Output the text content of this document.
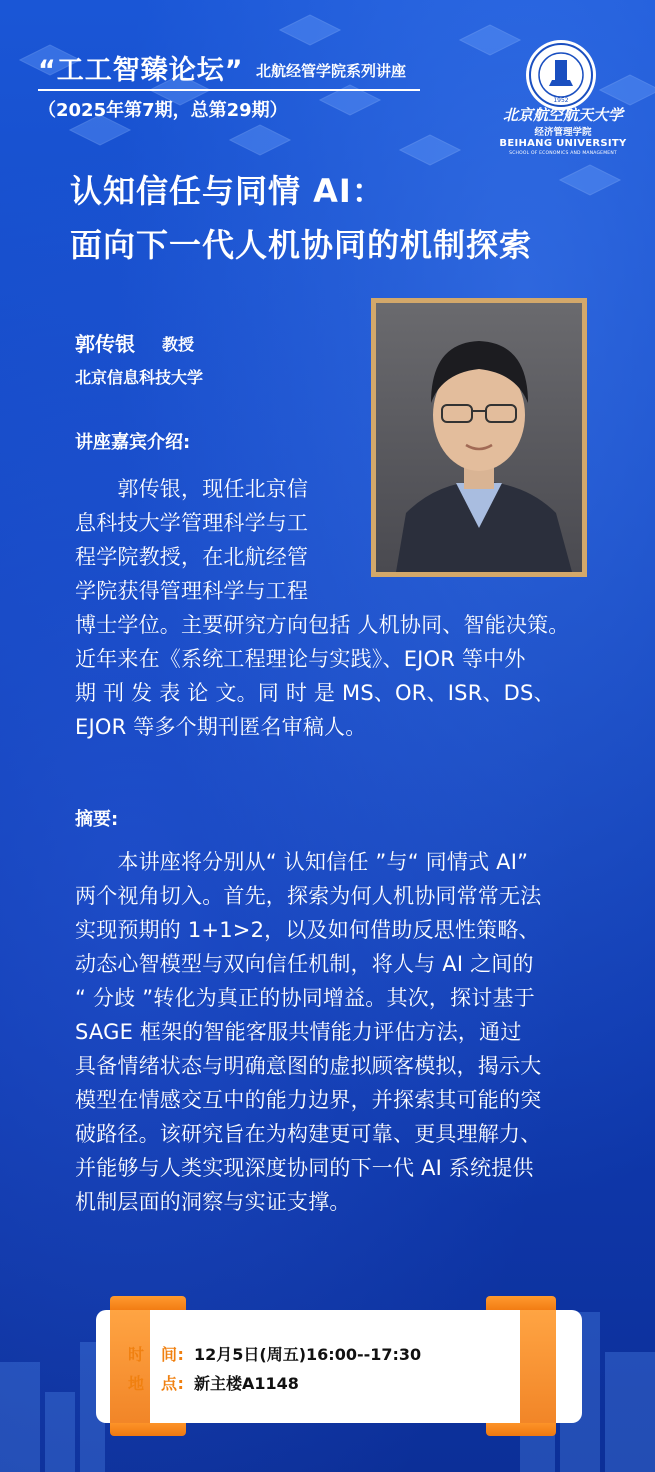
“工工智臻论坛” 北航经管学院系列讲座
（2025年第7期，总第29期）	1952
北京航空航天大学
经济管理学院
BEIHANG UNIVERSITY
SCHOOL OF ECONOMICS AND MANAGEMENT
认知信任与同情 AI：
面向下一代人机协同的机制探索
郭传银 教授
北京信息科技大学
讲座嘉宾介绍:
　　郭传银，现任北京信
息科技大学管理科学与工
程学院教授，在北航经管
学院获得管理科学与工程
博士学位。主要研究方向包括 人机协同、智能决策。
近年来在《系统工程理论与实践》、EJOR 等中外
期 刊 发 表 论 文。同 时 是 MS、OR、ISR、DS、
EJOR 等多个期刊匿名审稿人。
摘要:
　　本讲座将分别从“ 认知信任 ”与“ 同情式 AI”
两个视角切入。首先，探索为何人机协同常常无法
实现预期的 1+1>2，以及如何借助反思性策略、
动态心智模型与双向信任机制，将人与 AI 之间的
“ 分歧 ”转化为真正的协同增益。其次，探讨基于
SAGE 框架的智能客服共情能力评估方法，通过
具备情绪状态与明确意图的虚拟顾客模拟，揭示大
模型在情感交互中的能力边界，并探索其可能的突
破路径。该研究旨在为构建更可靠、更具理解力、
并能够与人类实现深度协同的下一代 AI 系统提供
机制层面的洞察与实证支撑。
时　间: 12月5日(周五)16:00--17:30
地　点: 新主楼A1148
